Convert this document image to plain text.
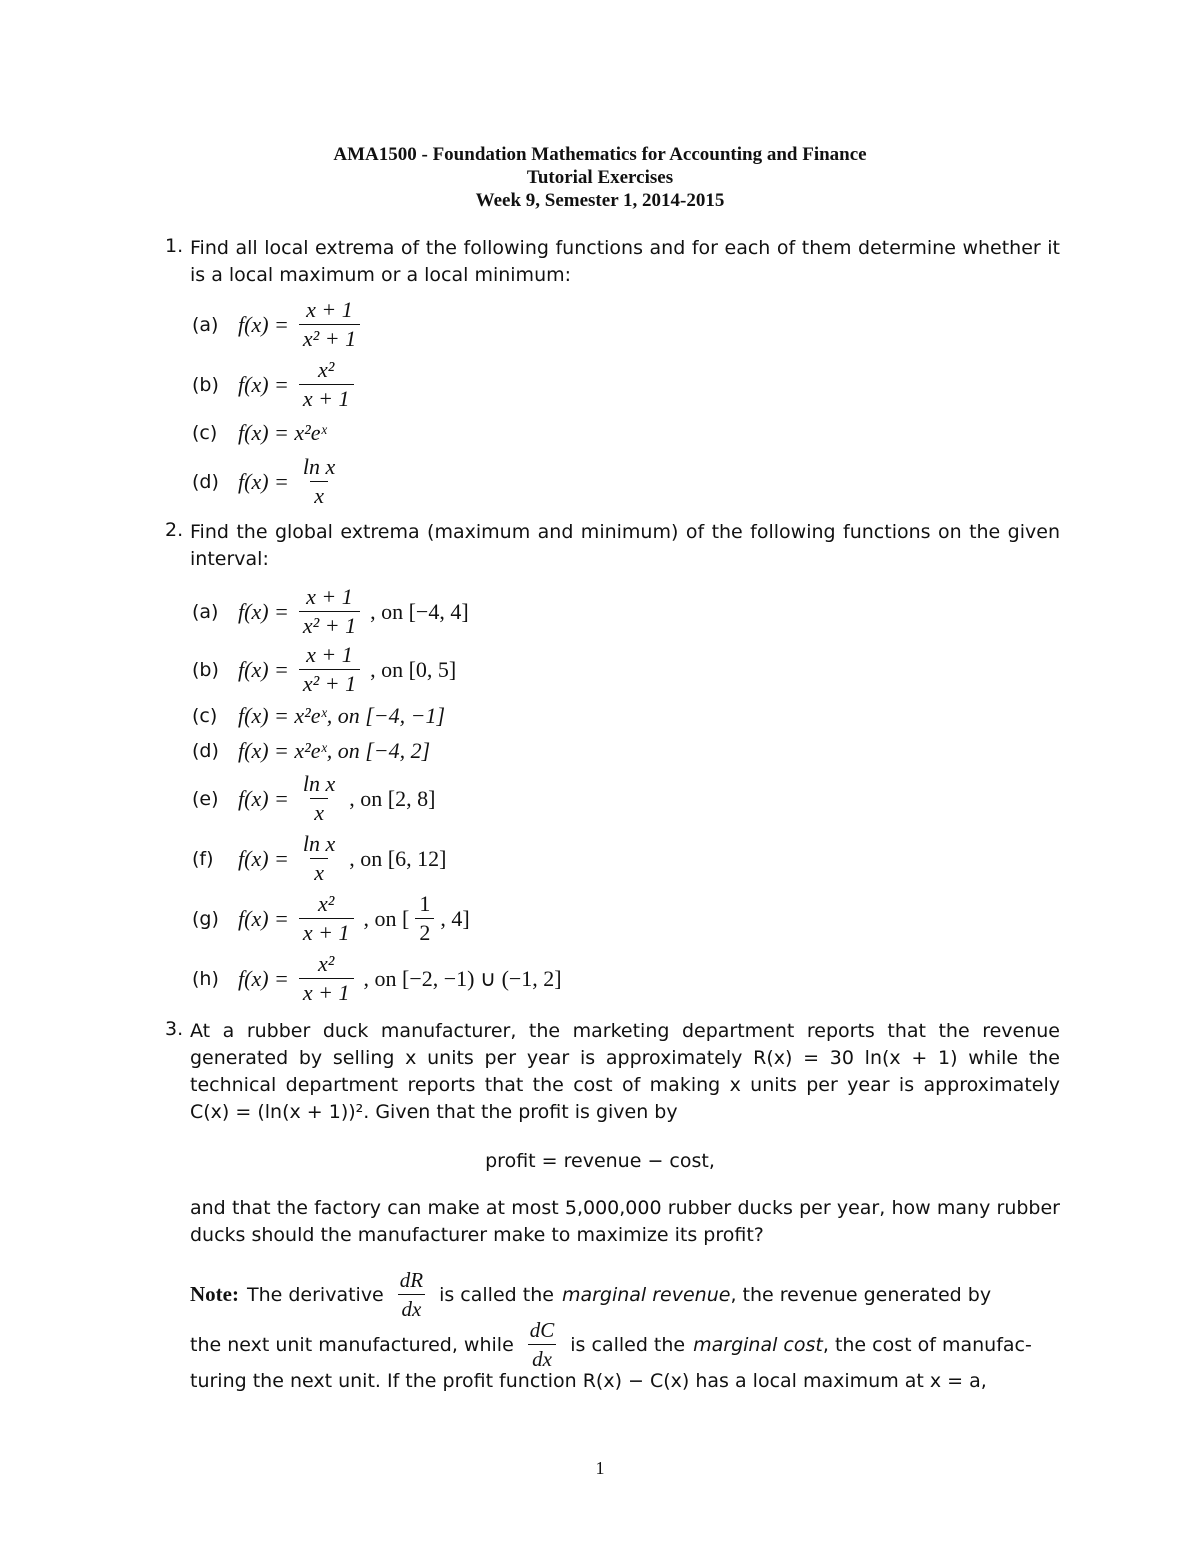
AMA1500 - Foundation Mathematics for Accounting and Finance
Tutorial Exercises
Week 9, Semester 1, 2014-2015
1. Find all local extrema of the following functions and for each of them determine whether it is a local maximum or a local minimum:
(a) $f(x) = \frac{x + 1}{\text{x² + 1}}$
(b) $f(x) = \frac{\text{x²}}{x + 1}$
(c) f(x) = x²eˣ
(d) $f(x) = \frac{\text{ln x}}{x}$
2. Find the global extrema (maximum and minimum) of the following functions on the given interval:
(a) $f(x) = \frac{x + 1}{\text{x² + 1}}$ , on [−4, 4]
(b) $f(x) = \frac{x + 1}{\text{x² + 1}}$ , on [0, 5]
(c) f(x) = x²eˣ, on [−4, −1]
(d) f(x) = x²eˣ, on [−4, 2]
(e) $f(x) = \frac{\text{ln x}}{x}$ , on [2, 8]
(f)	$f(x) = \frac{\text{ln x}}{x}$ , on [6, 12]
(g) $f(x) = \frac{\text{x²}}{x + 1}$ , on [ $\frac{1}{2}$ , 4]
(h) $f(x) = \frac{\text{x²}}{x + 1}$ , on [−2, −1) ∪ (−1, 2]
3. At a rubber duck manufacturer, the marketing department reports that the revenue generated by selling x units per year is approximately R(x) = 30 ln(x + 1) while the technical department reports that the cost of making x units per year is approximately C(x) = (ln(x + 1))². Given that the profit is given by
profit = revenue − cost,
and that the factory can make at most 5,000,000 rubber ducks per year, how many rubber ducks should the manufacturer make to maximize its profit?
Note: The derivative $\frac{dR}{dx}$ is called the marginal revenue , the revenue generated by
the next unit manufactured, while $\frac{dC}{dx}$ is called the marginal cost , the cost of manufac-
turing the next unit. If the profit function R(x) − C(x) has a local maximum at x = a,
1
